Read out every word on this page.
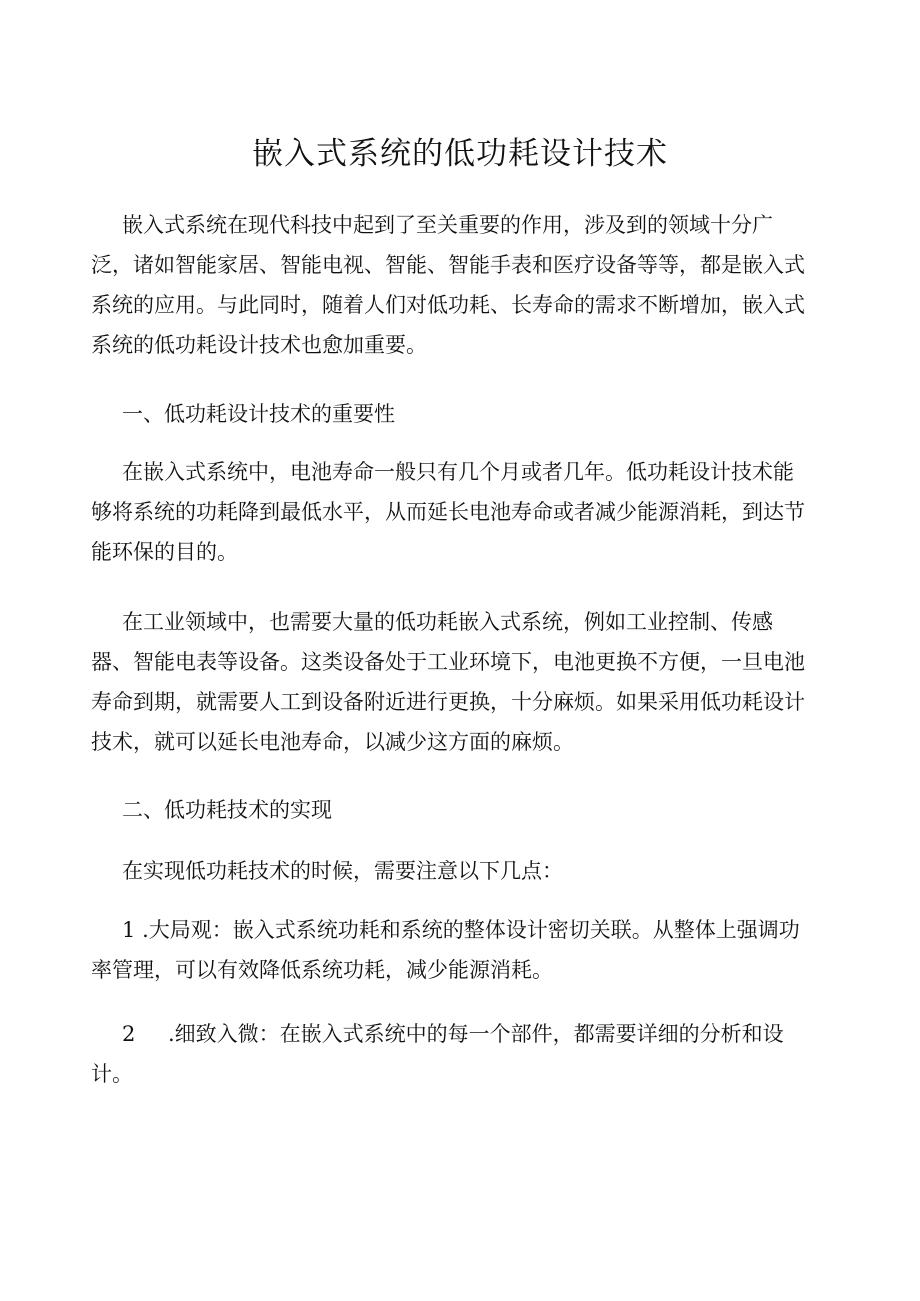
嵌入式系统的低功耗设计技术

嵌入式系统在现代科技中起到了至关重要的作用，涉及到的领域十分广
泛，诸如智能家居、智能电视、智能、智能手表和医疗设备等等，都是嵌入式
系统的应用。与此同时，随着人们对低功耗、长寿命的需求不断增加，嵌入式
系统的低功耗设计技术也愈加重要。

一、低功耗设计技术的重要性

在嵌入式系统中，电池寿命一般只有几个月或者几年。低功耗设计技术能
够将系统的功耗降到最低水平，从而延长电池寿命或者减少能源消耗，到达节
能环保的目的。

在工业领域中，也需要大量的低功耗嵌入式系统，例如工业控制、传感
器、智能电表等设备。这类设备处于工业环境下，电池更换不方便，一旦电池
寿命到期，就需要人工到设备附近进行更换，十分麻烦。如果采用低功耗设计
技术，就可以延长电池寿命，以减少这方面的麻烦。

二、低功耗技术的实现

在实现低功耗技术的时候，需要注意以下几点：

1 .大局观：嵌入式系统功耗和系统的整体设计密切关联。从整体上强调功
率管理，可以有效降低系统功耗，减少能源消耗。

2 .细致入微：在嵌入式系统中的每一个部件，都需要详细的分析和设
计。
